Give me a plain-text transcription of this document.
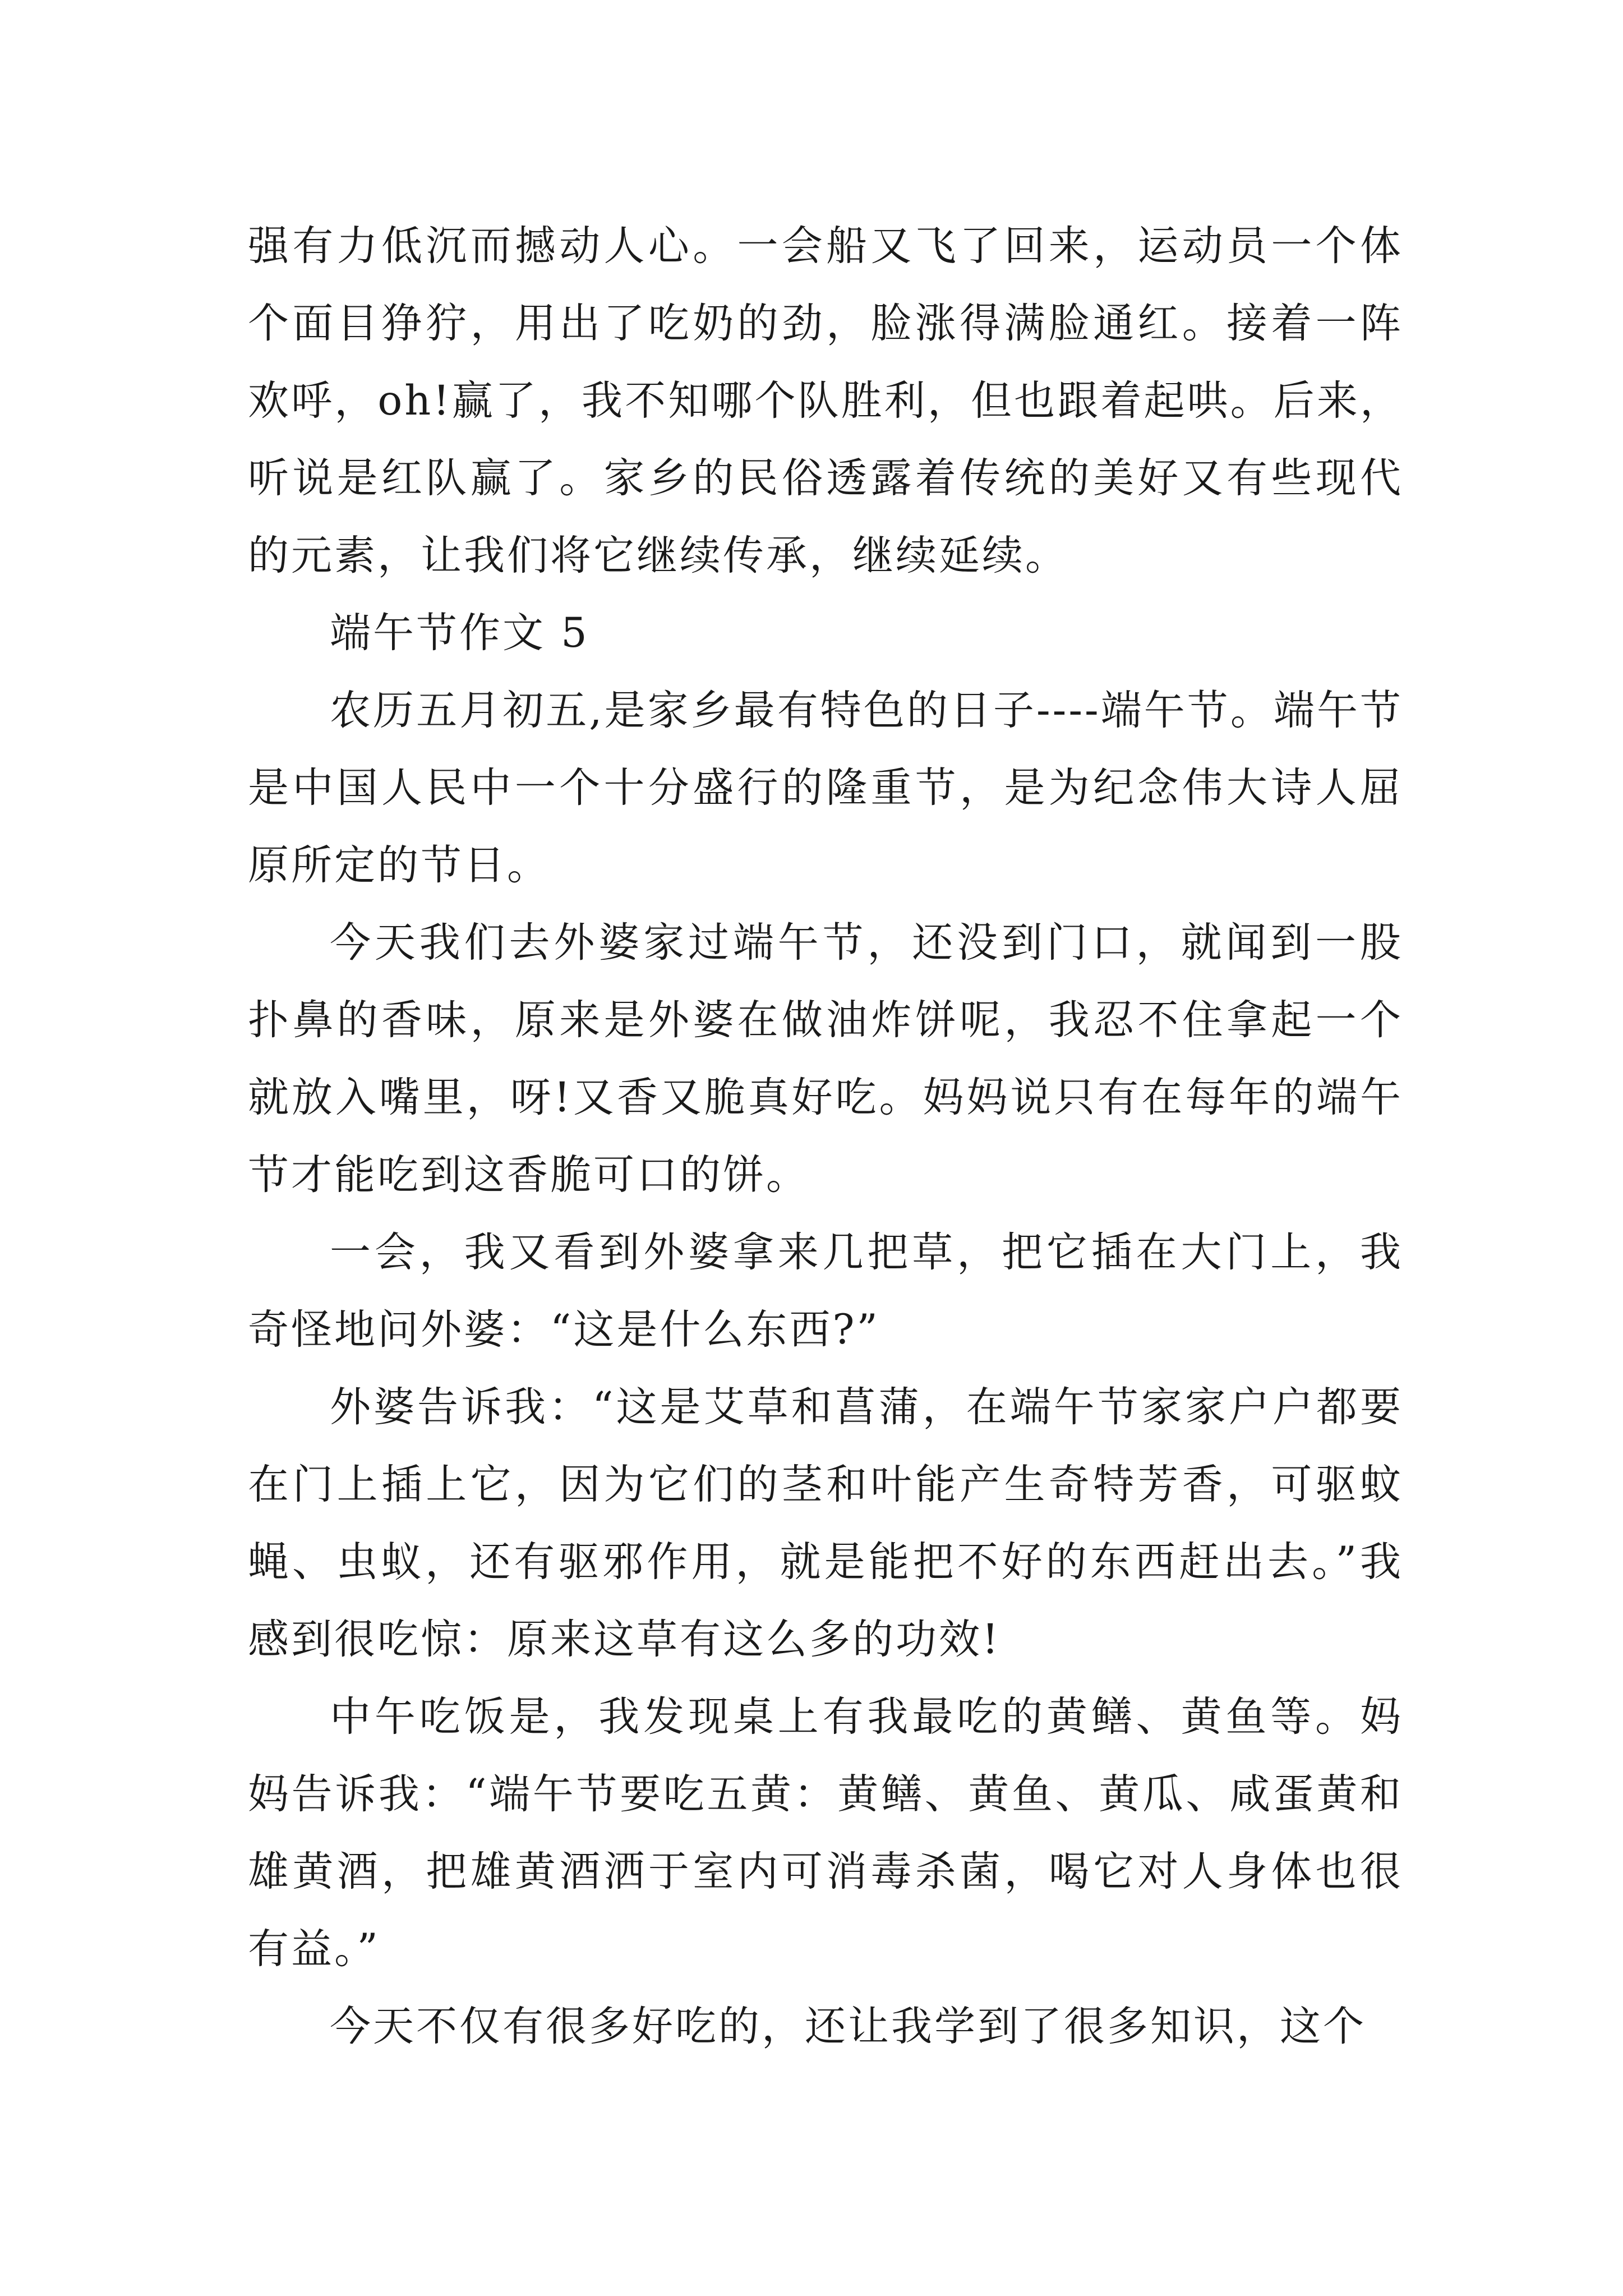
强有力低沉而撼动人心。一会船又飞了回来，运动员一个体个面目狰狞，用出了吃奶的劲，脸涨得满脸通红。接着一阵欢呼，oh!赢了，我不知哪个队胜利，但也跟着起哄。后来，听说是红队赢了。家乡的民俗透露着传统的美好又有些现代的元素，让我们将它继续传承，继续延续。

端午节作文 5

农历五月初五,是家乡最有特色的日子----端午节。端午节是中国人民中一个十分盛行的隆重节，是为纪念伟大诗人屈原所定的节日。

今天我们去外婆家过端午节，还没到门口，就闻到一股扑鼻的香味，原来是外婆在做油炸饼呢，我忍不住拿起一个就放入嘴里，呀!又香又脆真好吃。妈妈说只有在每年的端午节才能吃到这香脆可口的饼。

一会，我又看到外婆拿来几把草，把它插在大门上，我奇怪地问外婆：“这是什么东西?”

外婆告诉我：“这是艾草和菖蒲，在端午节家家户户都要在门上插上它，因为它们的茎和叶能产生奇特芳香，可驱蚊蝇、虫蚁，还有驱邪作用，就是能把不好的东西赶出去。”我感到很吃惊：原来这草有这么多的功效!

中午吃饭是，我发现桌上有我最吃的黄鳝、黄鱼等。妈妈告诉我：“端午节要吃五黄：黄鳝、黄鱼、黄瓜、咸蛋黄和雄黄酒，把雄黄酒洒于室内可消毒杀菌，喝它对人身体也很有益。”

今天不仅有很多好吃的，还让我学到了很多知识，这个
